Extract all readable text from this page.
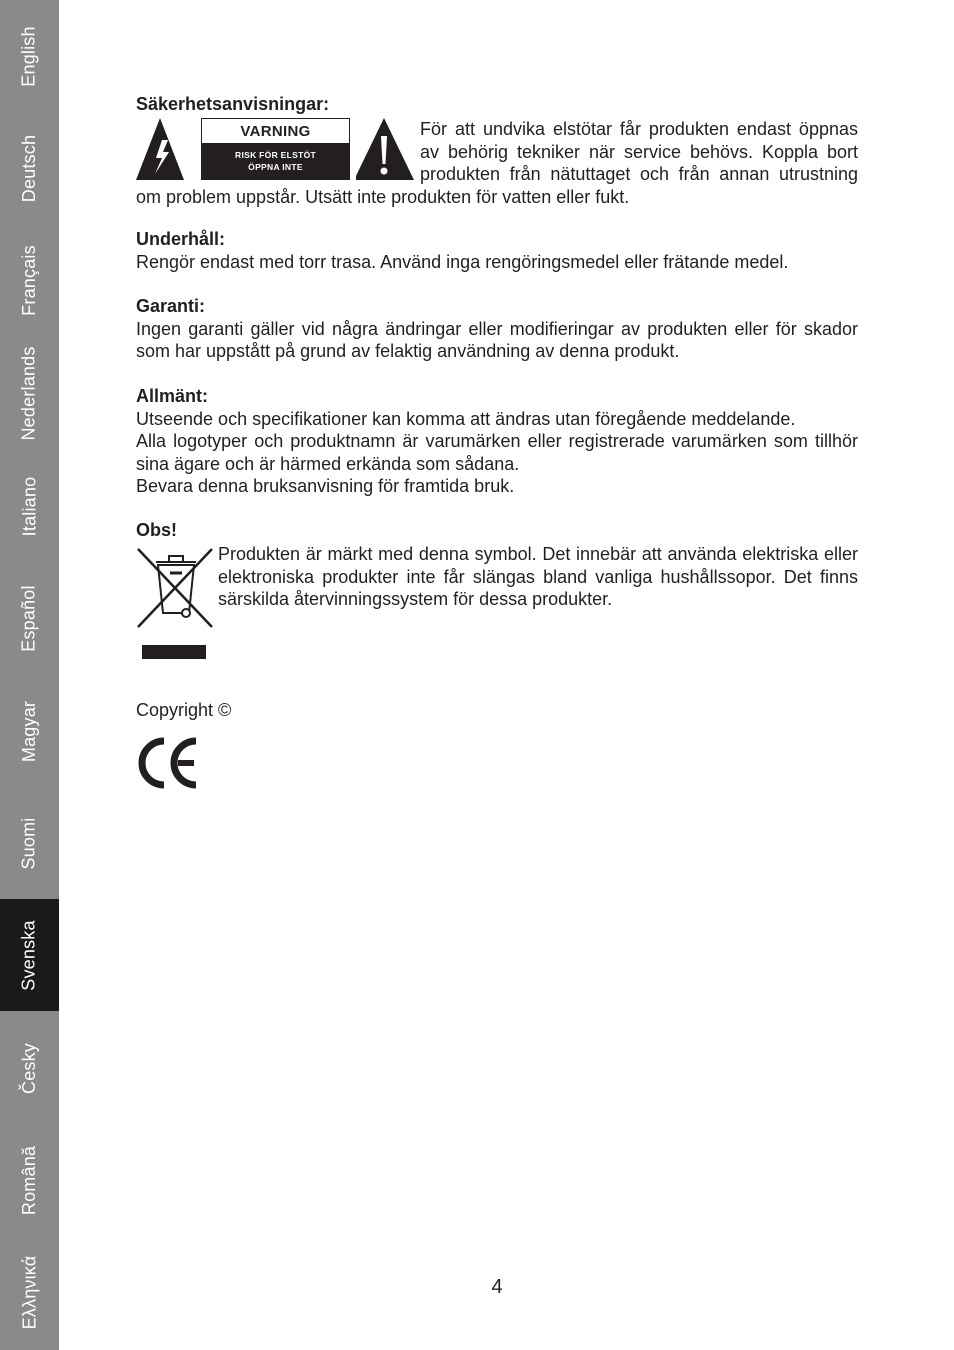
English
Deutsch
Français
Nederlands
Italiano
Español
Magyar
Suomi
Svenska
Česky
Română
Ελληνικά

Säkerhetsanvisningar:

VARNING
RISK FÖR ELSTÖT
ÖPPNA INTE

För att undvika elstötar får produkten endast öppnas av behörig tekniker när service behövs. Koppla bort produkten från nätuttaget och från annan utrustning om problem uppstår. Utsätt inte produkten för vatten eller fukt.

Underhåll:

Rengör endast med torr trasa. Använd inga rengöringsmedel eller frätande medel.

Garanti:

Ingen garanti gäller vid några ändringar eller modifieringar av produkten eller för skador som har uppstått på grund av felaktig användning av denna produkt.

Allmänt:

Utseende och specifikationer kan komma att ändras utan föregående meddelande.

Alla logotyper och produktnamn är varumärken eller registrerade varumärken som tillhör sina ägare och är härmed erkända som sådana.

Bevara denna bruksanvisning för framtida bruk.

Obs!

Produkten är märkt med denna symbol. Det innebär att använda elektriska eller elektroniska produkter inte får slängas bland vanliga hushållssopor. Det finns särskilda återvinningssystem för dessa produkter.

Copyright ©

4
